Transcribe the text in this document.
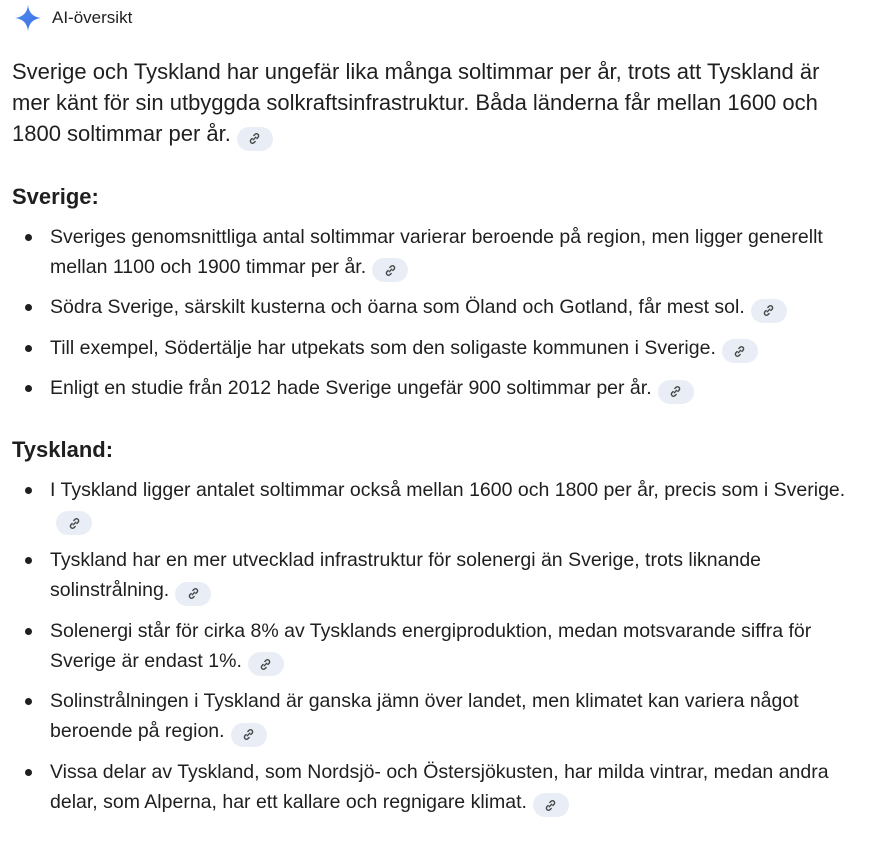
AI-översikt

Sverige och Tyskland har ungefär lika många soltimmar per år, trots att Tyskland är mer känt för sin utbyggda solkraftsinfrastruktur. Båda länderna får mellan 1600 och 1800 soltimmar per år.

Sverige:
Sveriges genomsnittliga antal soltimmar varierar beroende på region, men ligger generellt mellan 1100 och 1900 timmar per år.
Södra Sverige, särskilt kusterna och öarna som Öland och Gotland, får mest sol.
Till exempel, Södertälje har utpekats som den soligaste kommunen i Sverige.
Enligt en studie från 2012 hade Sverige ungefär 900 soltimmar per år.
Tyskland:
I Tyskland ligger antalet soltimmar också mellan 1600 och 1800 per år, precis som i Sverige.
Tyskland har en mer utvecklad infrastruktur för solenergi än Sverige, trots liknande solinstrålning.
Solenergi står för cirka 8% av Tysklands energiproduktion, medan motsvarande siffra för Sverige är endast 1%.
Solinstrålningen i Tyskland är ganska jämn över landet, men klimatet kan variera något beroende på region.
Vissa delar av Tyskland, som Nordsjö- och Östersjökusten, har milda vintrar, medan andra delar, som Alperna, har ett kallare och regnigare klimat.
